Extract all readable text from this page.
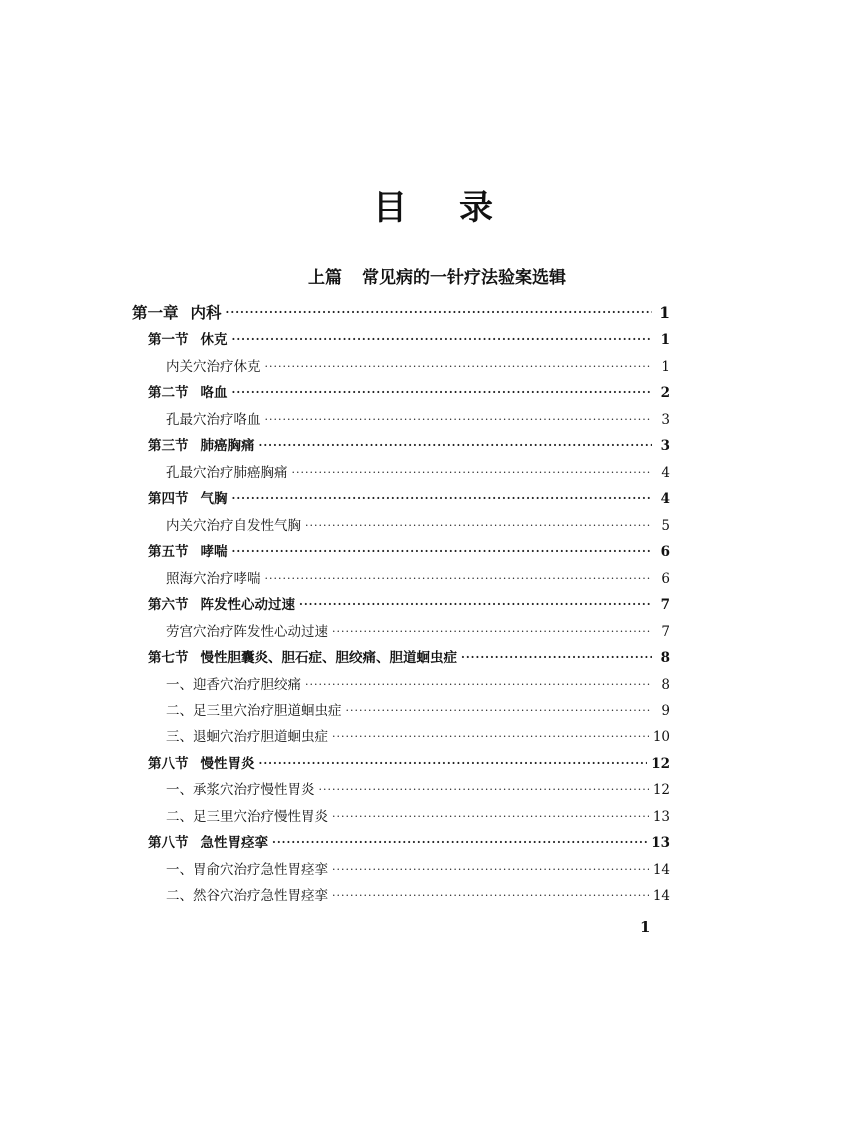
目录
上篇 常见病的一针疗法验案选辑
第一章 内科 ·····	1
第一节 休克 ·····	1
内关穴治疗休克 ·····	1
第二节 咯血 ·····	2
孔最穴治疗咯血 ·····	3
第三节 肺癌胸痛 ·····	3
孔最穴治疗肺癌胸痛 ·····	4
第四节 气胸 ·····	4
内关穴治疗自发性气胸 ·····	5
第五节 哮喘 ·····	6
照海穴治疗哮喘 ·····	6
第六节 阵发性心动过速 ·····	7
劳宫穴治疗阵发性心动过速 ·····	7
第七节 慢性胆囊炎、胆石症、胆绞痛、胆道蛔虫症 ·····	8
一、迎香穴治疗胆绞痛 ·····	8
二、足三里穴治疗胆道蛔虫症 ·····	9
三、退蛔穴治疗胆道蛔虫症 ·····	10
第八节 慢性胃炎 ·····	12
一、承浆穴治疗慢性胃炎 ·····	12
二、足三里穴治疗慢性胃炎 ·····	13
第八节 急性胃痉挛 ·····	13
一、胃俞穴治疗急性胃痉挛 ·····	14
二、然谷穴治疗急性胃痉挛 ·····	14
1
